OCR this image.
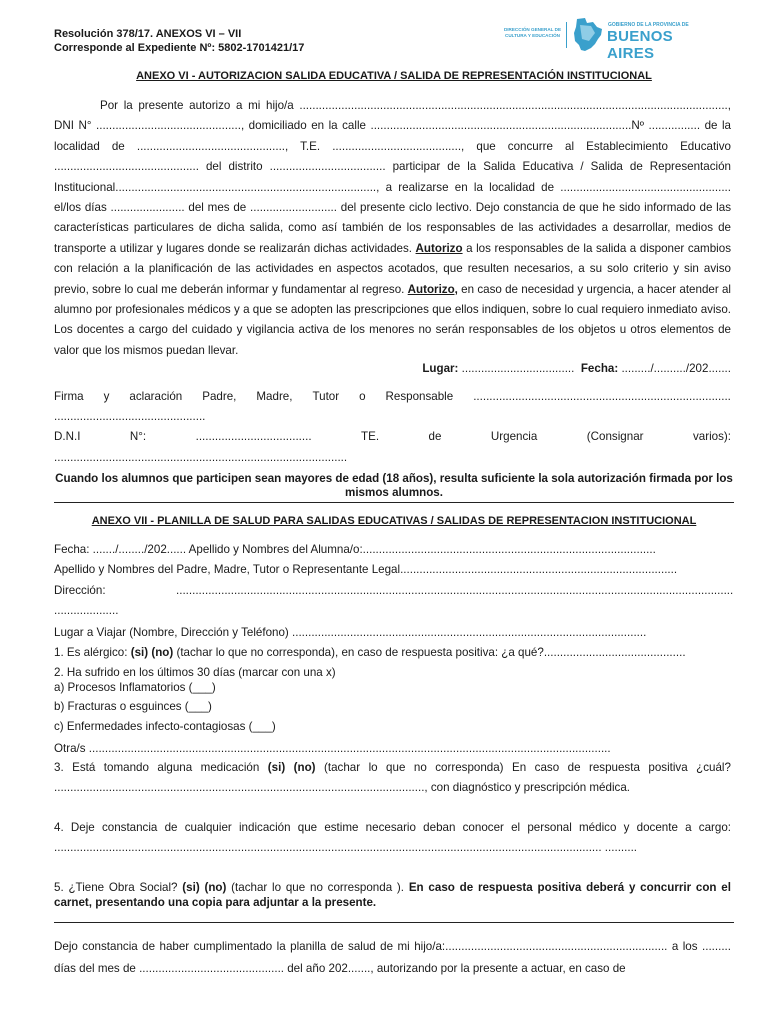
Resolución 378/17. ANEXOS VI – VII
Corresponde al Expediente Nº: 5802-1701421/17
DIRECCIÓN GENERAL DE CULTURA Y EDUCACIÓN
GOBIERNO DE LA PROVINCIA DE
BUENOS AIRES
ANEXO VI - AUTORIZACION SALIDA EDUCATIVA / SALIDA DE REPRESENTACIÓN INSTITUCIONAL
Por la presente autorizo a mi hijo/a ....................................................................................................................................., DNI N° ............................................., domiciliado en la calle .................................................................................Nº ................ de la localidad de .............................................., T.E. ........................................, que concurre al Establecimiento Educativo ............................................. del distrito .................................... participar de la Salida Educativa / Salida de Representación Institucional................................................................................., a realizarse en la localidad de ..................................................... el/los días ....................... del mes de ........................... del presente ciclo lectivo. Dejo constancia de que he sido informado de las características particulares de dicha salida, como así también de los responsables de las actividades a desarrollar, medios de transporte a utilizar y lugares donde se realizarán dichas actividades. Autorizo a los responsables de la salida a disponer cambios con relación a la planificación de las actividades en aspectos acotados, que resulten necesarios, a su solo criterio y sin aviso previo, sobre lo cual me deberán informar y fundamentar al regreso. Autorizo, en caso de necesidad y urgencia, a hacer atender al alumno por profesionales médicos y a que se adopten las prescripciones que ellos indiquen, sobre lo cual requiero inmediato aviso. Los docentes a cargo del cuidado y vigilancia activa de los menores no serán responsables de los objetos u otros elementos de valor que los mismos puedan llevar.
Lugar: ................................... Fecha: ........./........../202.......
Firma y aclaración Padre, Madre, Tutor o Responsable ................................................................................
...............................................
D.N.I	N°:	....................................	TE.	de	Urgencia	(Consignar	varios):
...........................................................................................
Cuando los alumnos que participen sean mayores de edad (18 años), resulta suficiente la sola autorización firmada por los mismos alumnos.
ANEXO VII - PLANILLA DE SALUD PARA SALIDAS EDUCATIVAS / SALIDAS DE REPRESENTACION INSTITUCIONAL
Fecha: ......./......../202...... Apellido y Nombres del Alumna/o:...........................................................................................
Apellido y Nombres del Padre, Madre, Tutor o Representante Legal......................................................................................
Dirección:	.............................................................................................................................................................................
....................
Lugar a Viajar (Nombre, Dirección y Teléfono) ..............................................................................................................
1. Es alérgico: (si) (no) (tachar lo que no corresponda), en caso de respuesta positiva: ¿a qué?............................................
2. Ha sufrido en los últimos 30 días (marcar con una x)
a) Procesos Inflamatorios (___)
b) Fracturas o esguinces (___)
c) Enfermedades infecto-contagiosas (___)
Otra/s ..................................................................................................................................................................
3. Está tomando alguna medicación (si) (no) (tachar lo que no corresponda) En caso de respuesta positiva ¿cuál? ..................................................................................................................., con diagnóstico y prescripción médica.
4. Deje constancia de cualquier indicación que estime necesario deban conocer el personal médico y docente a cargo: .......................................................................................................................................................................... ..........
5. ¿Tiene Obra Social? (si) (no) (tachar lo que no corresponda ). En caso de respuesta positiva deberá y concurrir con el carnet, presentando una copia para adjuntar a la presente.
Dejo constancia de haber cumplimentado la planilla de salud de mi hijo/a:..................................................................... a los ......... días del mes de ............................................. del año 202......., autorizando por la presente a actuar, en caso de
